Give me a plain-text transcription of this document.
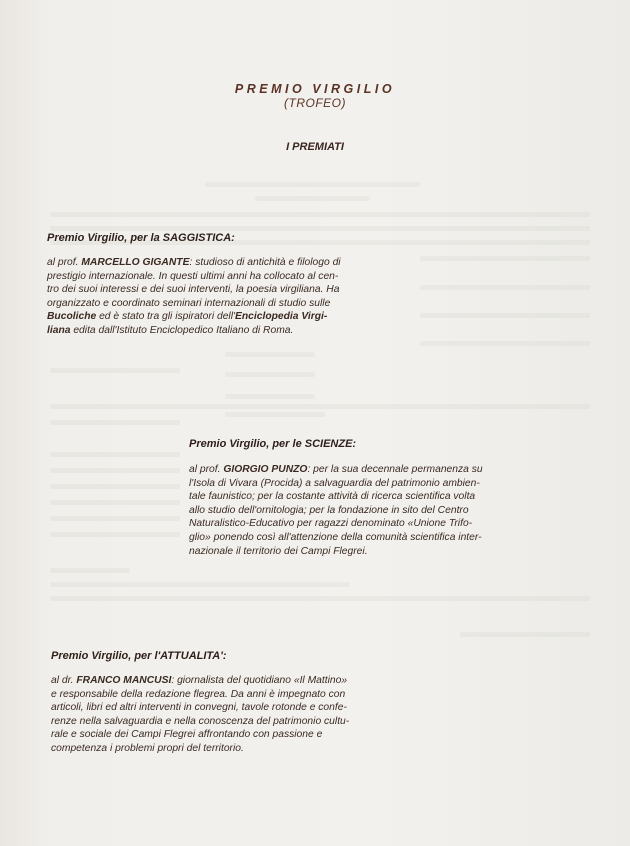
PREMIO VIRGILIO
(TROFEO)
I PREMIATI
Premio Virgilio, per la SAGGISTICA:
al prof. MARCELLO GIGANTE: studioso di antichità e filologo di
prestigio internazionale. In questi ultimi anni ha collocato al cen-
tro dei suoi interessi e dei suoi interventi, la poesia virgiliana. Ha
organizzato e coordinato seminari internazionali di studio sulle
Bucoliche ed è stato tra gli ispiratori dell'Enciclopedia Virgi-
liana edita dall'Istituto Enciclopedico Italiano di Roma.
Premio Virgilio, per le SCIENZE:
al prof. GIORGIO PUNZO: per la sua decennale permanenza su
l'Isola di Vivara (Procida) a salvaguardia del patrimonio ambien-
tale faunistico; per la costante attività di ricerca scientifica volta
allo studio dell'ornitologia; per la fondazione in sito del Centro
Naturalistico-Educativo per ragazzi denominato «Unione Trifo-
glio» ponendo così all'attenzione della comunità scientifica inter-
nazionale il territorio dei Campi Flegrei.
Premio Virgilio, per l'ATTUALITA':
al dr. FRANCO MANCUSI: giornalista del quotidiano «Il Mattino»
e responsabile della redazione flegrea. Da anni è impegnato con
articoli, libri ed altri interventi in convegni, tavole rotonde e confe-
renze nella salvaguardia e nella conoscenza del patrimonio cultu-
rale e sociale dei Campi Flegrei affrontando con passione e
competenza i problemi propri del territorio.
